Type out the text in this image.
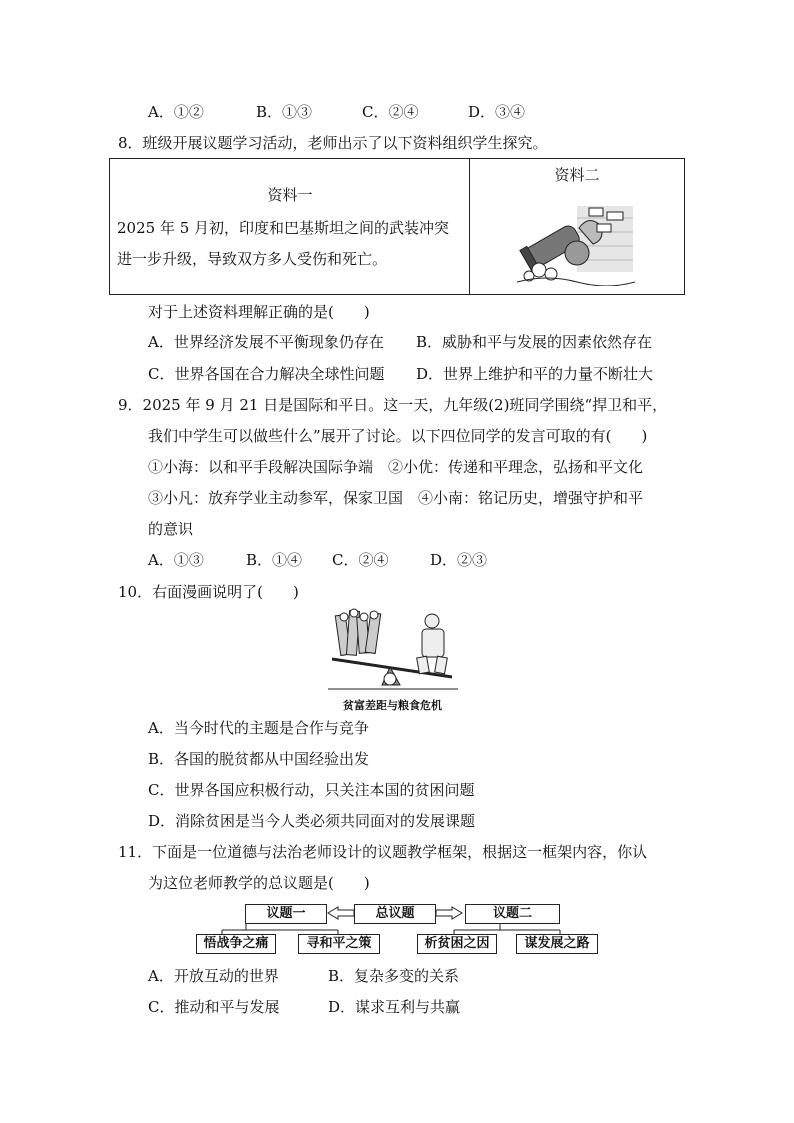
A．①②	B．①③	C．②④	D．③④
8．班级开展议题学习活动，老师出示了以下资料组织学生探究。

资料一
2025 年 5 月初，印度和巴基斯坦之间的武装冲突
进一步升级，导致双方多人受伤和死亡。
资料二
对于上述资料理解正确的是(　　)
A．世界经济发展不平衡现象仍存在 B．威胁和平与发展的因素依然存在
C．世界各国在合力解决全球性问题 D．世界上维护和平的力量不断壮大
9．2025 年 9 月 21 日是国际和平日。这一天，九年级(2)班同学围绕“捍卫和平，
我们中学生可以做些什么”展开了讨论。以下四位同学的发言可取的有(　　)
①小海：以和平手段解决国际争端　②小优：传递和平理念，弘扬和平文化
③小凡：放弃学业主动参军，保家卫国　④小南：铭记历史，增强守护和平
的意识
A．①③	B．①④ C．②④	D．②③
10．右面漫画说明了(　　)
贫富差距与粮食危机
A．当今时代的主题是合作与竞争
B．各国的脱贫都从中国经验出发
C．世界各国应积极行动，只关注本国的贫困问题
D．消除贫困是当今人类必须共同面对的发展课题
11．下面是一位道德与法治老师设计的议题教学框架，根据这一框架内容，你认
为这位老师教学的总议题是(　　)
议题一	总议题	议题二
悟战争之痛	寻和平之策	析贫困之因	谋发展之路
A．开放互动的世界	B．复杂多变的关系
C．推动和平与发展	D．谋求互利与共赢
